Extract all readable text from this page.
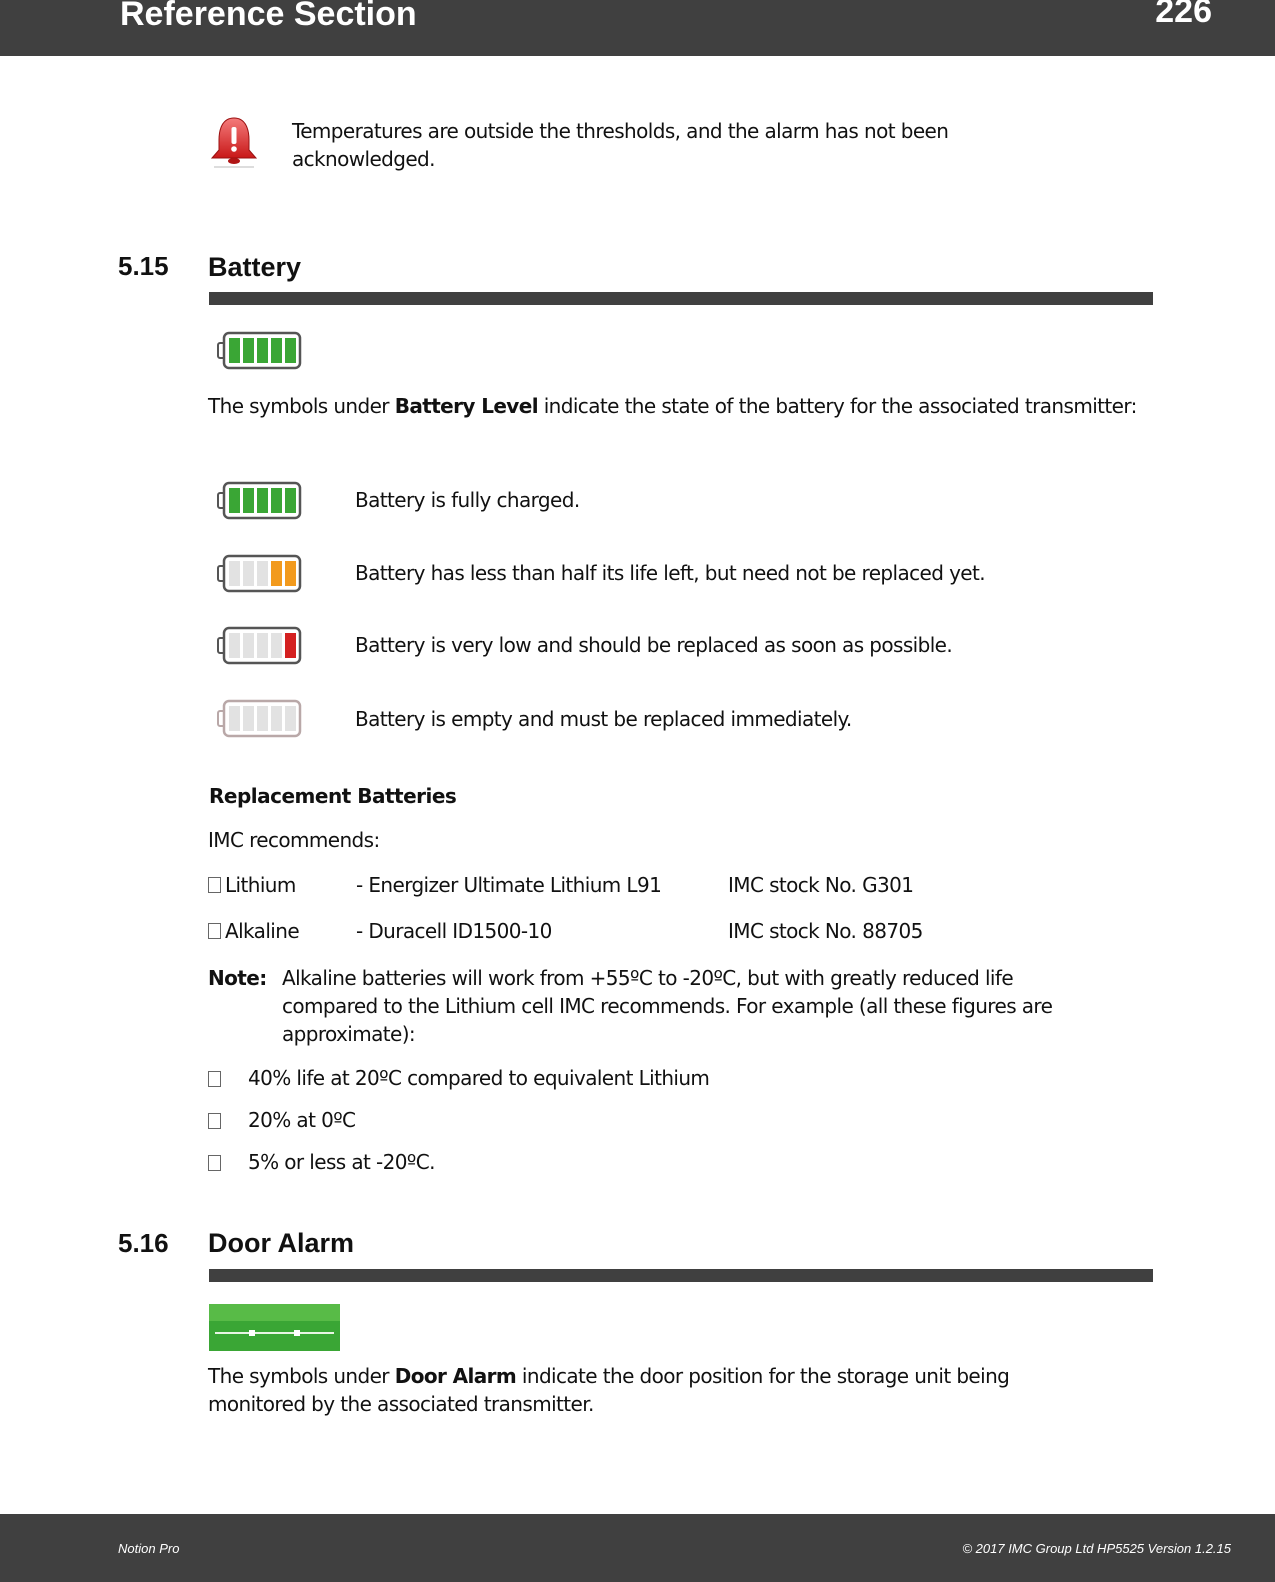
Reference Section	226
Temperatures are outside the thresholds, and the alarm has not been acknowledged.
5.15 Battery
The symbols under Battery Level indicate the state of the battery for the associated transmitter:
Battery is fully charged.
Battery has less than half its life left, but need not be replaced yet.
Battery is very low and should be replaced as soon as possible.
Battery is empty and must be replaced immediately.
Replacement Batteries
IMC recommends:
Lithium	- Energizer Ultimate Lithium L91	IMC stock No. G301
Alkaline	- Duracell ID1500-10	IMC stock No. 88705
Note: Alkaline batteries will work from +55ºC to -20ºC, but with greatly reduced life
compared to the Lithium cell IMC recommends. For example (all these figures are
approximate):
40% life at 20ºC compared to equivalent Lithium
20% at 0ºC
5% or less at -20ºC.
5.16 Door Alarm
The symbols under Door Alarm indicate the door position for the storage unit being
monitored by the associated transmitter.
Notion Pro	© 2017 IMC Group Ltd HP5525 Version 1.2.15
